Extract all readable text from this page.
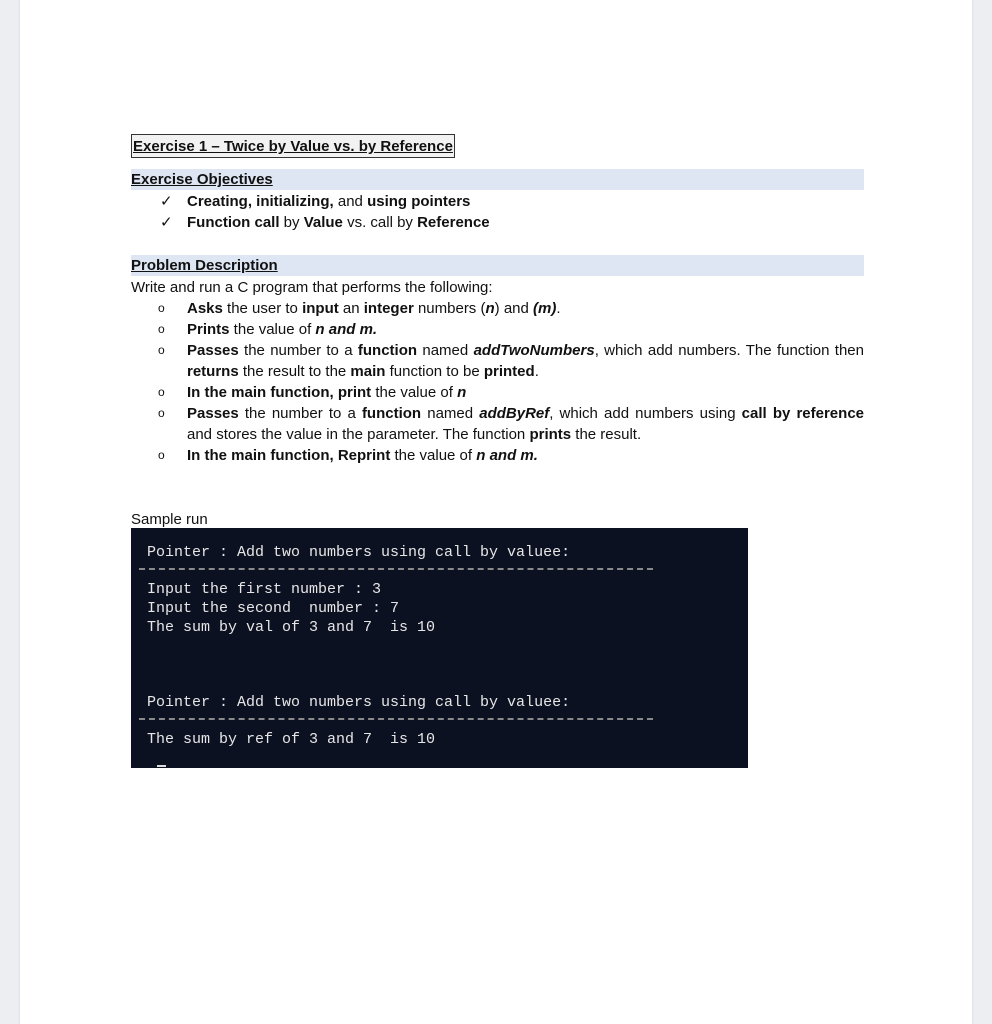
Exercise 1 – Twice by Value vs. by Reference
Exercise Objectives
✓ Creating, initializing, and using pointers
✓ Function call by Value vs. call by Reference
Problem Description
Write and run a C program that performs the following:
o	Asks the user to input an integer numbers (n) and (m).
o	Prints the value of n and m.
o	Passes the number to a function named addTwoNumbers, which add numbers. The function then returns the result to the main function to be printed.
o	In the main function, print the value of n
o	Passes the number to a function named addByRef, which add numbers using call by reference and stores the value in the parameter. The function prints the result.
o	In the main function, Reprint the value of n and m.
Sample run
Pointer : Add two numbers using call by valuee:
Input the first number : 3
Input the second  number : 7
The sum by val of 3 and 7  is 10
Pointer : Add two numbers using call by valuee:
The sum by ref of 3 and 7  is 10
